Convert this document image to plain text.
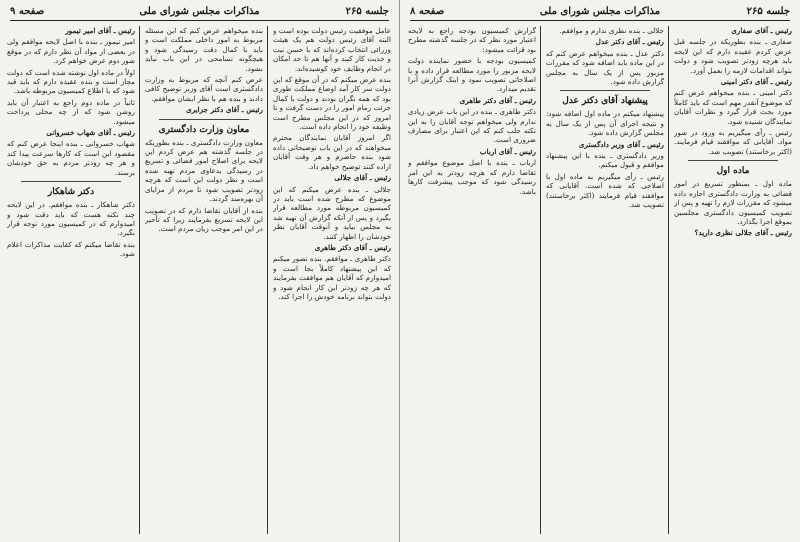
جلسه ۲۶۵
مذاکرات مجلس شورای ملی
صفحه ۹

عامل موفقیت رئیس دولت بوده است و البته آقای رئیس دولت هم یک هیئت وزرائی انتخاب کرده‌اند که با حسن نیت و جدیت کار کنند و آنها هم تا حد امکان در انجام وظایف خود کوشیده‌اند.

بنده عرض میکنم که در آن موقع که این دولت سر کار آمد اوضاع مملکت طوری بود که همه نگران بودند و دولت با کمال جرئت زمام امور را در دست گرفت و تا امروز که در این مجلس مطرح است وظیفه خود را انجام داده است.

اگر امروز آقایان نمایندگان محترم میخواهند که در این باب توضیحاتی داده شود بنده حاضرم و هر وقت آقایان اراده کنند توضیح خواهم داد.

رئیس ـ آقای جلالی

جلالی ـ بنده عرض میکنم که این موضوع که مطرح شده است باید در کمیسیون مربوطه مورد مطالعه قرار بگیرد و پس از آنکه گزارش آن تهیه شد به مجلس بیاید و آنوقت آقایان نظر خودشان را اظهار کنند.

رئیس ـ آقای دکتر طاهری

دکتر طاهری ـ موافقم. بنده تصور میکنم که این پیشنهاد کاملاً بجا است و امیدوارم که آقایان هم موافقت بفرمایند که هر چه زودتر این کار انجام شود و دولت بتواند برنامه خودش را اجرا کند.

بنده میخواهم عرض کنم که این مسئله مربوط به امور داخلی مملکت است و باید با کمال دقت رسیدگی شود و هیچگونه تسامحی در این باب نباید بشود.

عرض کنم آنچه که مربوط به وزارت دادگستری است آقای وزیر توضیح کافی دادند و بنده هم با نظر ایشان موافقم.

رئیس ـ آقای دکتر جزایری

معاون وزارت دادگستری

معاون وزارت دادگستری ـ بنده بطوریکه در جلسه گذشته هم عرض کردم این لایحه برای اصلاح امور قضائی و تسریع در رسیدگی بدعاوی مردم تهیه شده است و نظر دولت این است که هرچه زودتر تصویب شود تا مردم از مزایای آن بهره‌مند گردند.

بنده از آقایان تقاضا دارم که در تصویب این لایحه تسریع بفرمایند زیرا که تأخیر در این امر موجب زیان مردم است.

رئیس ـ آقای امیر تیمور

امیر تیمور ـ بنده با اصل لایحه موافقم ولی در بعضی از مواد آن نظر دارم که در موقع شور دوم عرض خواهم کرد.

اولاً در ماده اول نوشته شده است که دولت مجاز است و بنده عقیده دارم که باید قید شود که با اطلاع کمیسیون مربوطه باشد.

ثانیاً در ماده دوم راجع به اعتبار آن باید روشن شود که از چه محلی پرداخت میشود.

رئیس ـ آقای شهاب خسروانی

شهاب خسروانی ـ بنده اینجا عرض کنم که مقصود این است که کارها سرعت پیدا کند و هر چه زودتر مردم به حق خودشان برسند.

دکتر شاهکار

دکتر شاهکار ـ بنده موافقم. در این لایحه چند نکته هست که باید دقت شود و امیدوارم که در کمیسیون مورد توجه قرار بگیرد.

بنده تقاضا میکنم که کفایت مذاکرات اعلام شود.

جلسه ۲۶۵
مذاکرات مجلس شورای ملی
صفحه ۸

رئیس ـ آقای صفاری

صفاری ـ بنده بطوریکه در جلسه قبل عرض کردم عقیده دارم که این لایحه باید هرچه زودتر تصویب شود و دولت بتواند اقدامات لازمه را بعمل آورد.

رئیس ـ آقای دکتر امینی

دکتر امینی ـ بنده میخواهم عرض کنم که موضوع آنقدر مهم است که باید کاملاً مورد بحث قرار گیرد و نظرات آقایان نمایندگان شنیده شود.

رئیس ـ رأی میگیریم به ورود در شور مواد. آقایانی که موافقند قیام فرمایند. (اکثر برخاستند) تصویب شد.

ماده اول

ماده اول ـ بمنظور تسریع در امور قضائی به وزارت دادگستری اجازه داده میشود که مقررات لازم را تهیه و پس از تصویب کمیسیون دادگستری مجلسین بموقع اجرا بگذارد.

رئیس ـ آقای جلالی نظری دارید؟

جلالی ـ بنده نظری ندارم و موافقم.

رئیس ـ آقای دکتر عدل

دکتر عدل ـ بنده میخواهم عرض کنم که در این ماده باید اضافه شود که مقررات مزبور پس از یک سال به مجلس گزارش داده شود.

پیشنهاد آقای دکتر عدل

پیشنهاد میکنم در ماده اول اضافه شود: و نتیجه اجرای آن پس از یک سال به مجلس گزارش داده شود.

رئیس ـ آقای وزیر دادگستری

وزیر دادگستری ـ بنده با این پیشنهاد موافقم و قبول میکنم.

رئیس ـ رأی میگیریم به ماده اول با اصلاحی که شده است. آقایانی که موافقند قیام فرمایند (اکثر برخاستند) تصویب شد.

گزارش کمیسیون بودجه راجع به لایحه اعتبار مورد نظر که در جلسه گذشته مطرح بود قرائت میشود:

کمیسیون بودجه با حضور نماینده دولت لایحه مزبور را مورد مطالعه قرار داده و با اصلاحاتی تصویب نمود و اینک گزارش آنرا تقدیم میدارد.

رئیس ـ آقای دکتر طاهری

دکتر طاهری ـ بنده در این باب عرض زیادی ندارم ولی میخواهم توجه آقایان را به این نکته جلب کنم که این اعتبار برای مصارف ضروری است.

رئیس ـ آقای ارباب

ارباب ـ بنده با اصل موضوع موافقم و تقاضا دارم که هرچه زودتر به این امر رسیدگی شود که موجب پیشرفت کارها باشد.
